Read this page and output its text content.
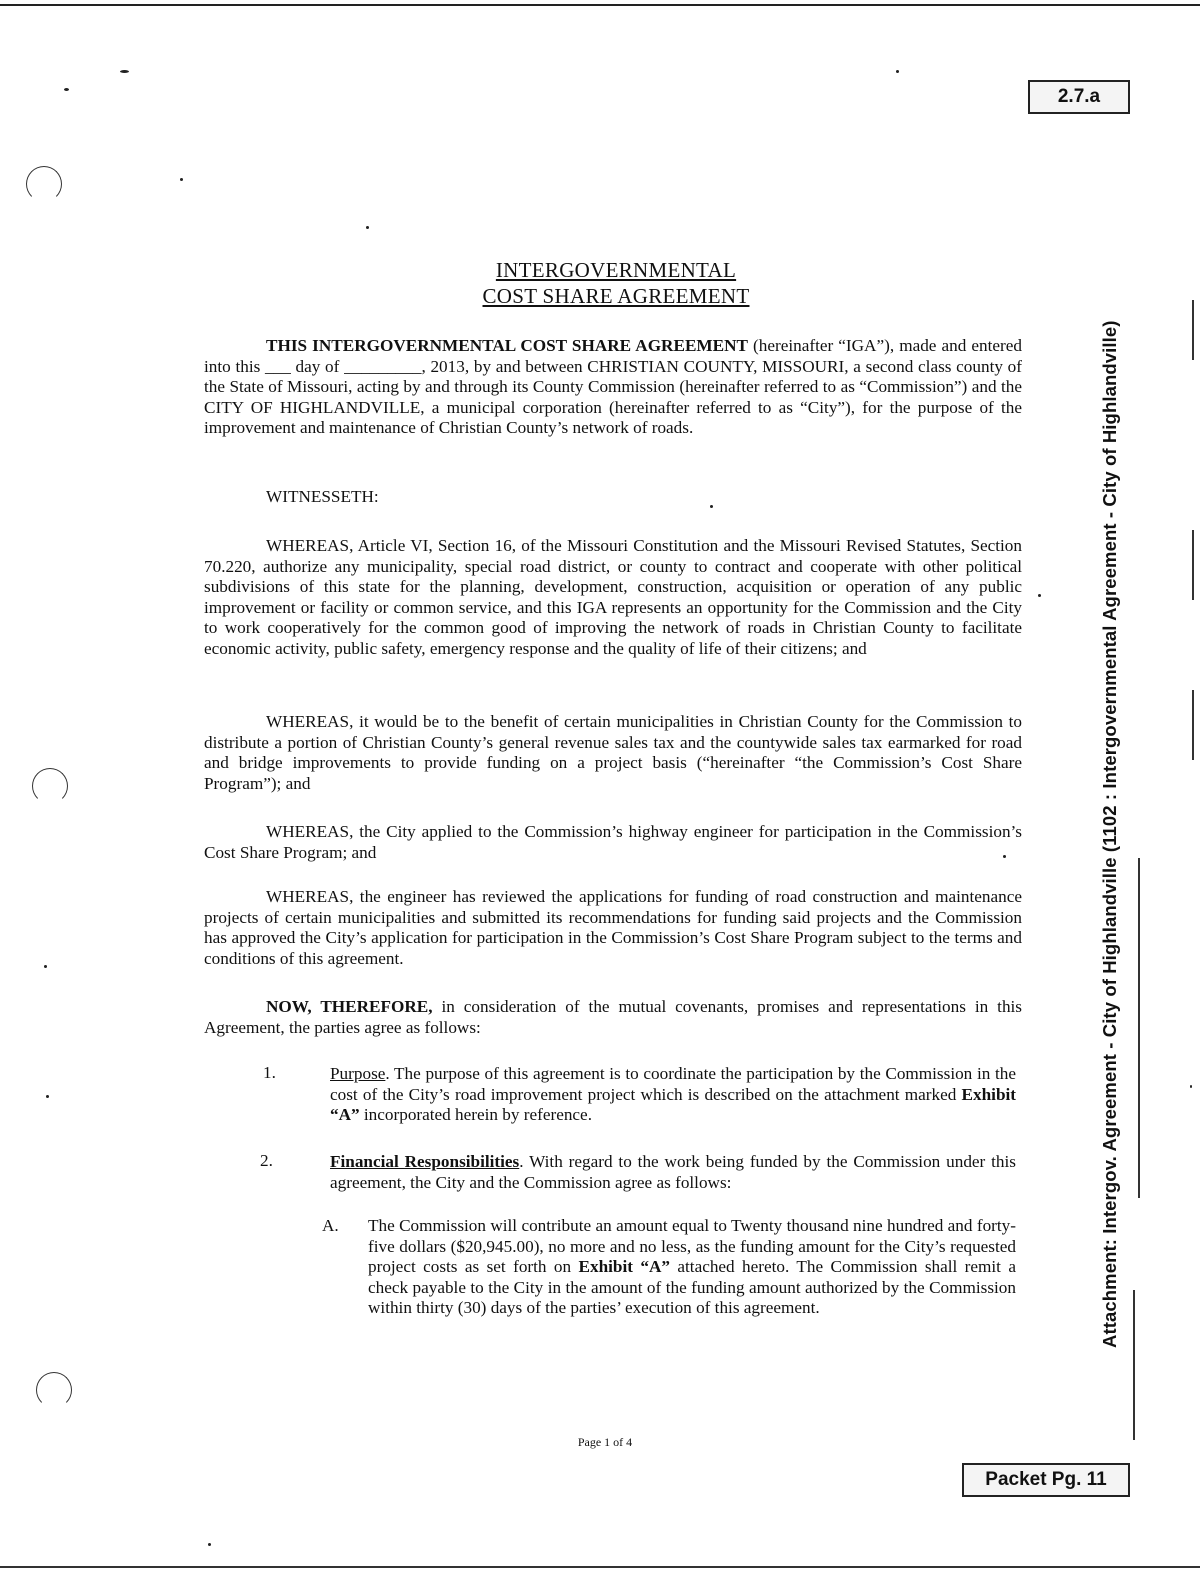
2.7.a
Packet Pg. 11
Attachment: Intergov. Agreement - City of Highlandville (1102 : Intergovernmental Agreement - City of Highlandville)
INTERGOVERNMENTAL
COST SHARE AGREEMENT
THIS INTERGOVERNMENTAL COST SHARE AGREEMENT (hereinafter “IGA”), made and entered into this ___ day of _________, 2013, by and between CHRISTIAN COUNTY, MISSOURI, a second class county of the State of Missouri, acting by and through its County Commission (hereinafter referred to as “Commission”) and the CITY OF HIGHLANDVILLE, a municipal corporation (hereinafter referred to as “City”), for the purpose of the improvement and maintenance of Christian County’s network of roads.
WITNESSETH:
WHEREAS, Article VI, Section 16, of the Missouri Constitution and the Missouri Revised Statutes, Section 70.220, authorize any municipality, special road district, or county to contract and cooperate with other political subdivisions of this state for the planning, development, construction, acquisition or operation of any public improvement or facility or common service, and this IGA represents an opportunity for the Commission and the City to work cooperatively for the common good of improving the network of roads in Christian County to facilitate economic activity, public safety, emergency response and the quality of life of their citizens; and
WHEREAS, it would be to the benefit of certain municipalities in Christian County for the Commission to distribute a portion of Christian County’s general revenue sales tax and the countywide sales tax earmarked for road and bridge improvements to provide funding on a project basis (“hereinafter “the Commission’s Cost Share Program”); and
WHEREAS, the City applied to the Commission’s highway engineer for participation in the Commission’s Cost Share Program; and
WHEREAS, the engineer has reviewed the applications for funding of road construction and maintenance projects of certain municipalities and submitted its recommendations for funding said projects and the Commission has approved the City’s application for participation in the Commission’s Cost Share Program subject to the terms and conditions of this agreement.
NOW, THEREFORE, in consideration of the mutual covenants, promises and representations in this Agreement, the parties agree as follows:
1.	Purpose. The purpose of this agreement is to coordinate the participation by the Commission in the cost of the City’s road improvement project which is described on the attachment marked Exhibit “A” incorporated herein by reference.
2.	Financial Responsibilities. With regard to the work being funded by the Commission under this agreement, the City and the Commission agree as follows:
A. The Commission will contribute an amount equal to Twenty thousand nine hundred and forty-five dollars ($20,945.00), no more and no less, as the funding amount for the City’s requested project costs as set forth on Exhibit “A” attached hereto. The Commission shall remit a check payable to the City in the amount of the funding amount authorized by the Commission within thirty (30) days of the parties’ execution of this agreement.
Page 1 of 4
